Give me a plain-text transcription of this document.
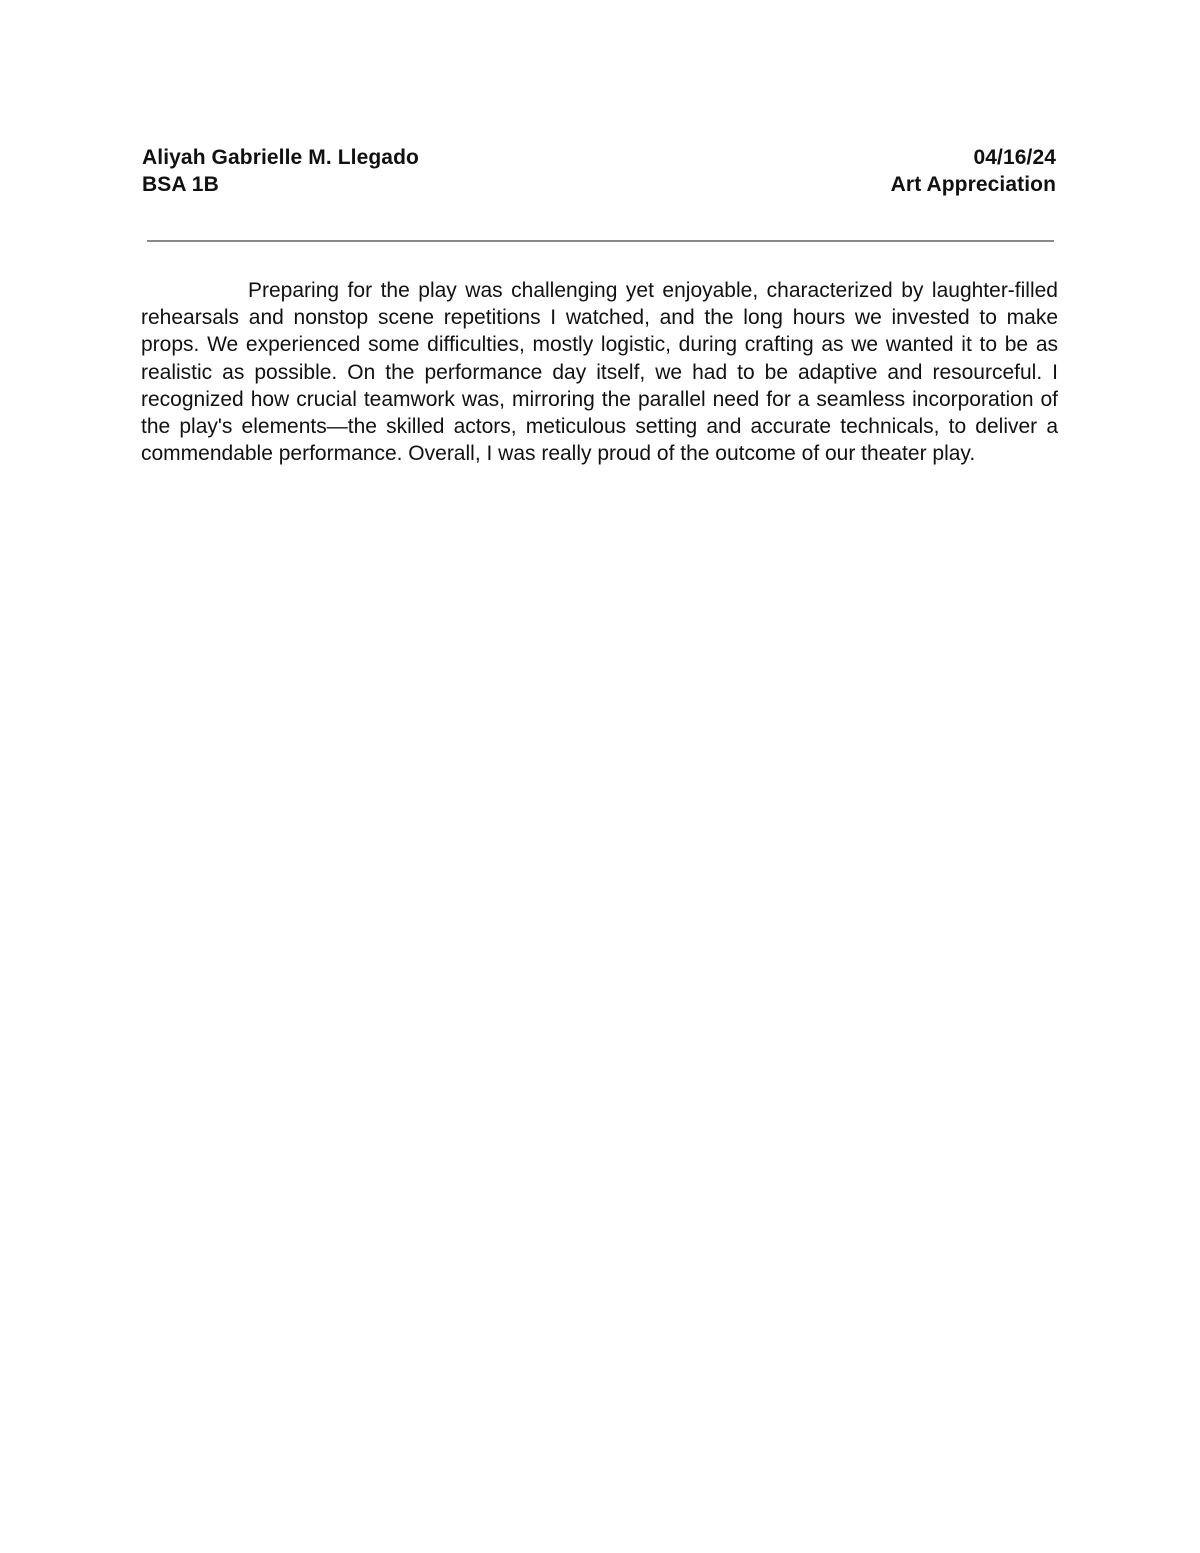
Aliyah Gabrielle M. Llegado	04/16/24
BSA 1B	Art Appreciation

Preparing for the play was challenging yet enjoyable, characterized by laughter-filled rehearsals and nonstop scene repetitions I watched, and the long hours we invested to make props. We experienced some difficulties, mostly logistic, during crafting as we wanted it to be as realistic as possible. On the performance day itself, we had to be adaptive and resourceful. I recognized how crucial teamwork was, mirroring the parallel need for a seamless incorporation of the play's elements—the skilled actors, meticulous setting and accurate technicals, to deliver a commendable performance. Overall, I was really proud of the outcome of our theater play.
